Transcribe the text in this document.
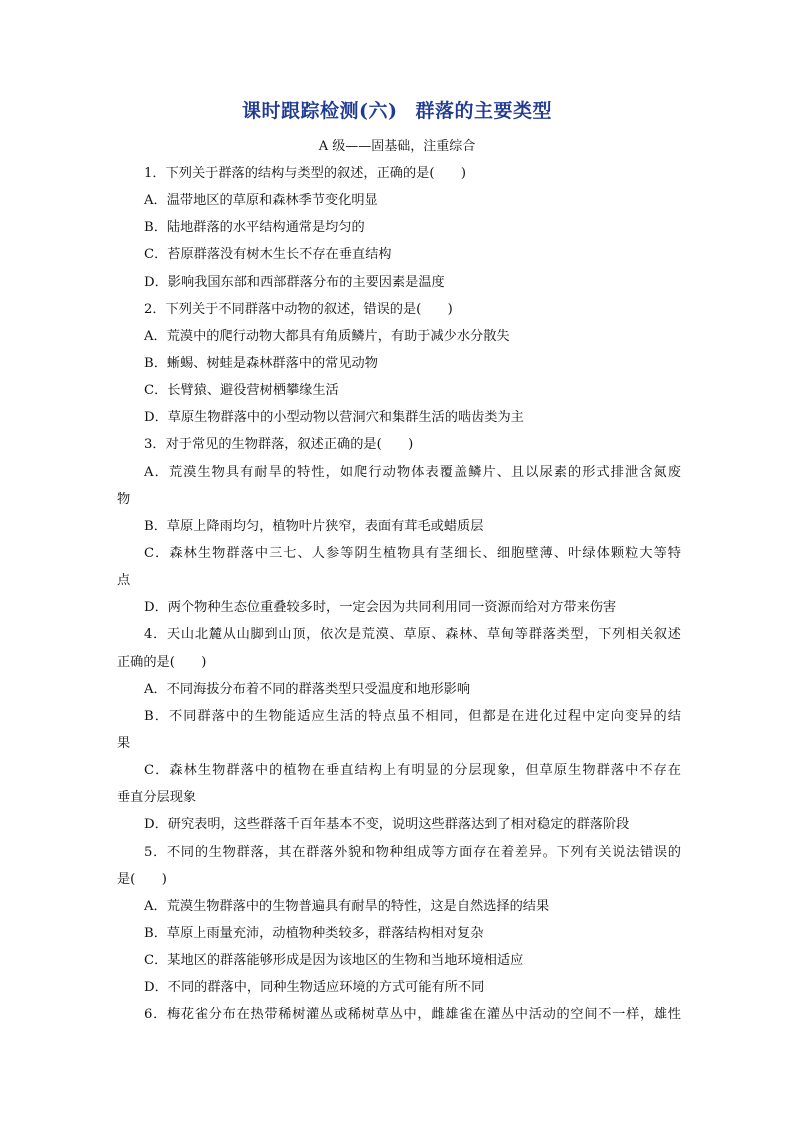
课时跟踪检测(六) 群落的主要类型
A 级——固基础，注重综合
1．下列关于群落的结构与类型的叙述，正确的是(　　)
A．温带地区的草原和森林季节变化明显
B．陆地群落的水平结构通常是均匀的
C．苔原群落没有树木生长不存在垂直结构
D．影响我国东部和西部群落分布的主要因素是温度
2．下列关于不同群落中动物的叙述，错误的是(　　)
A．荒漠中的爬行动物大都具有角质鳞片，有助于减少水分散失
B．蜥蜴、树蛙是森林群落中的常见动物
C．长臂猿、避役营树栖攀缘生活
D．草原生物群落中的小型动物以营洞穴和集群生活的啮齿类为主
3．对于常见的生物群落，叙述正确的是(　　)
A．荒漠生物具有耐旱的特性，如爬行动物体表覆盖鳞片、且以尿素的形式排泄含氮废
物
B．草原上降雨均匀，植物叶片狭窄，表面有茸毛或蜡质层
C．森林生物群落中三七、人参等阴生植物具有茎细长、细胞壁薄、叶绿体颗粒大等特
点
D．两个物种生态位重叠较多时，一定会因为共同利用同一资源而给对方带来伤害
4．天山北麓从山脚到山顶，依次是荒漠、草原、森林、草甸等群落类型，下列相关叙述
正确的是(　　)
A．不同海拔分布着不同的群落类型只受温度和地形影响
B．不同群落中的生物能适应生活的特点虽不相同，但都是在进化过程中定向变异的结
果
C．森林生物群落中的植物在垂直结构上有明显的分层现象，但草原生物群落中不存在
垂直分层现象
D．研究表明，这些群落千百年基本不变，说明这些群落达到了相对稳定的群落阶段
5．不同的生物群落，其在群落外貌和物种组成等方面存在着差异。下列有关说法错误的
是(　　)
A．荒漠生物群落中的生物普遍具有耐旱的特性，这是自然选择的结果
B．草原上雨量充沛，动植物种类较多，群落结构相对复杂
C．某地区的群落能够形成是因为该地区的生物和当地环境相适应
D．不同的群落中，同种生物适应环境的方式可能有所不同
6．梅花雀分布在热带稀树灌丛或稀树草丛中，雌雄雀在灌丛中活动的空间不一样，雄性
